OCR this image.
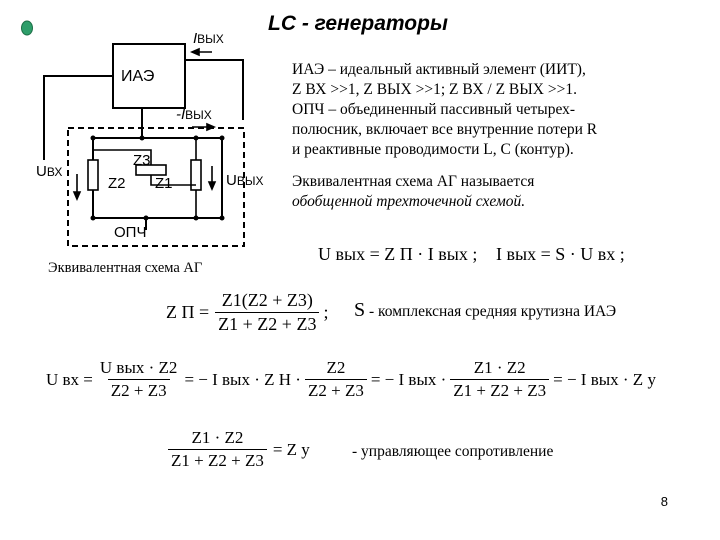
LC - генераторы
IВЫХ
ИАЭ
-IВЫХ
UВХ
Z3
Z2 Z1	UВЫХ
ОПЧ
Эквивалентная схема АГ
ИАЭ – идеальный активный элемент (ИИТ),
Z ВХ >>1, Z ВЫХ >>1; Z ВХ / Z ВЫХ >>1.
ОПЧ – объединенный пассивный четырех-
полюсник, включает все внутренние потери R
и реактивные проводимости L, C (контур).
Эквивалентная схема АГ называется
обобщенной трехточечной схемой.
U вых = Z П · I вых ; I вых = S · U вх ;
Z $П = \frac{Z1(Z2 + Z3)}{Z1 + Z2 + Z3}$ ; S - комплексная средняя крутизна ИАЭ
U вх = $\frac{\text{U вых · Z2}}{Z2 + Z3}$ = − I вых · Z $Н \cdot \frac{Z2}{Z2 + Z3}$ = − I вых · $\frac{Z1 \cdot Z2}{Z1 + Z2 + Z3}$ = − I вых · Z у
$\frac{Z1 \cdot Z2}{Z1 + Z2 + Z3} = Z$ у	- управляющее сопротивление
8
